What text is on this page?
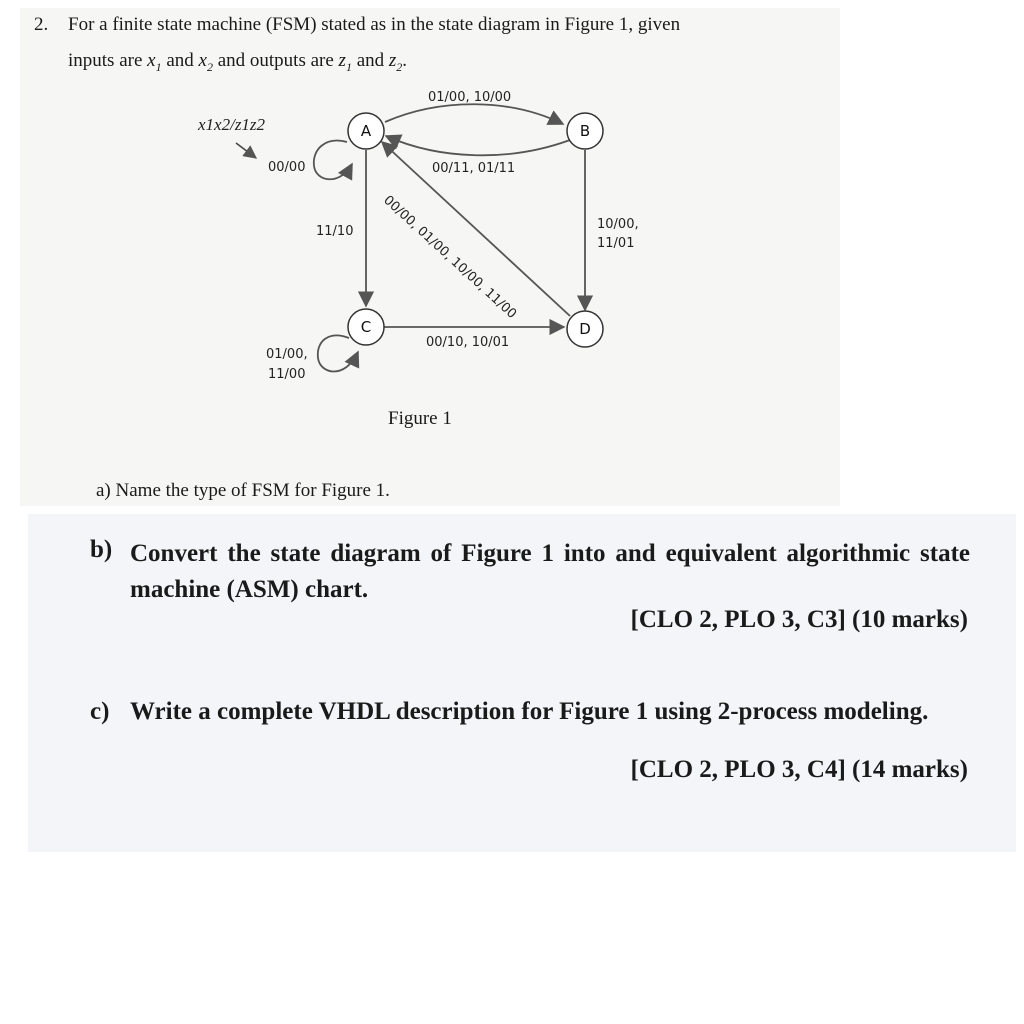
2. For a finite state machine (FSM) stated as in the state diagram in Figure 1, given
inputs are $x_1$ and $x_2$ and outputs are $z_1$ and $z_2$.
x1x2/z1z2	A	B
C	D
01/00, 10/00
00/11, 01/11
00/00
11/10	10/00,
11/01
00/00, 01/00, 10/00, 11/00
01/00,
11/00
00/10, 10/01
Figure 1
a) Name the type of FSM for Figure 1.
b) Convert the state diagram of Figure 1 into and equivalent algorithmic state machine (ASM) chart.
[CLO 2, PLO 3, C3] (10 marks)
c) Write a complete VHDL description for Figure 1 using 2-process modeling.
[CLO 2, PLO 3, C4] (14 marks)
